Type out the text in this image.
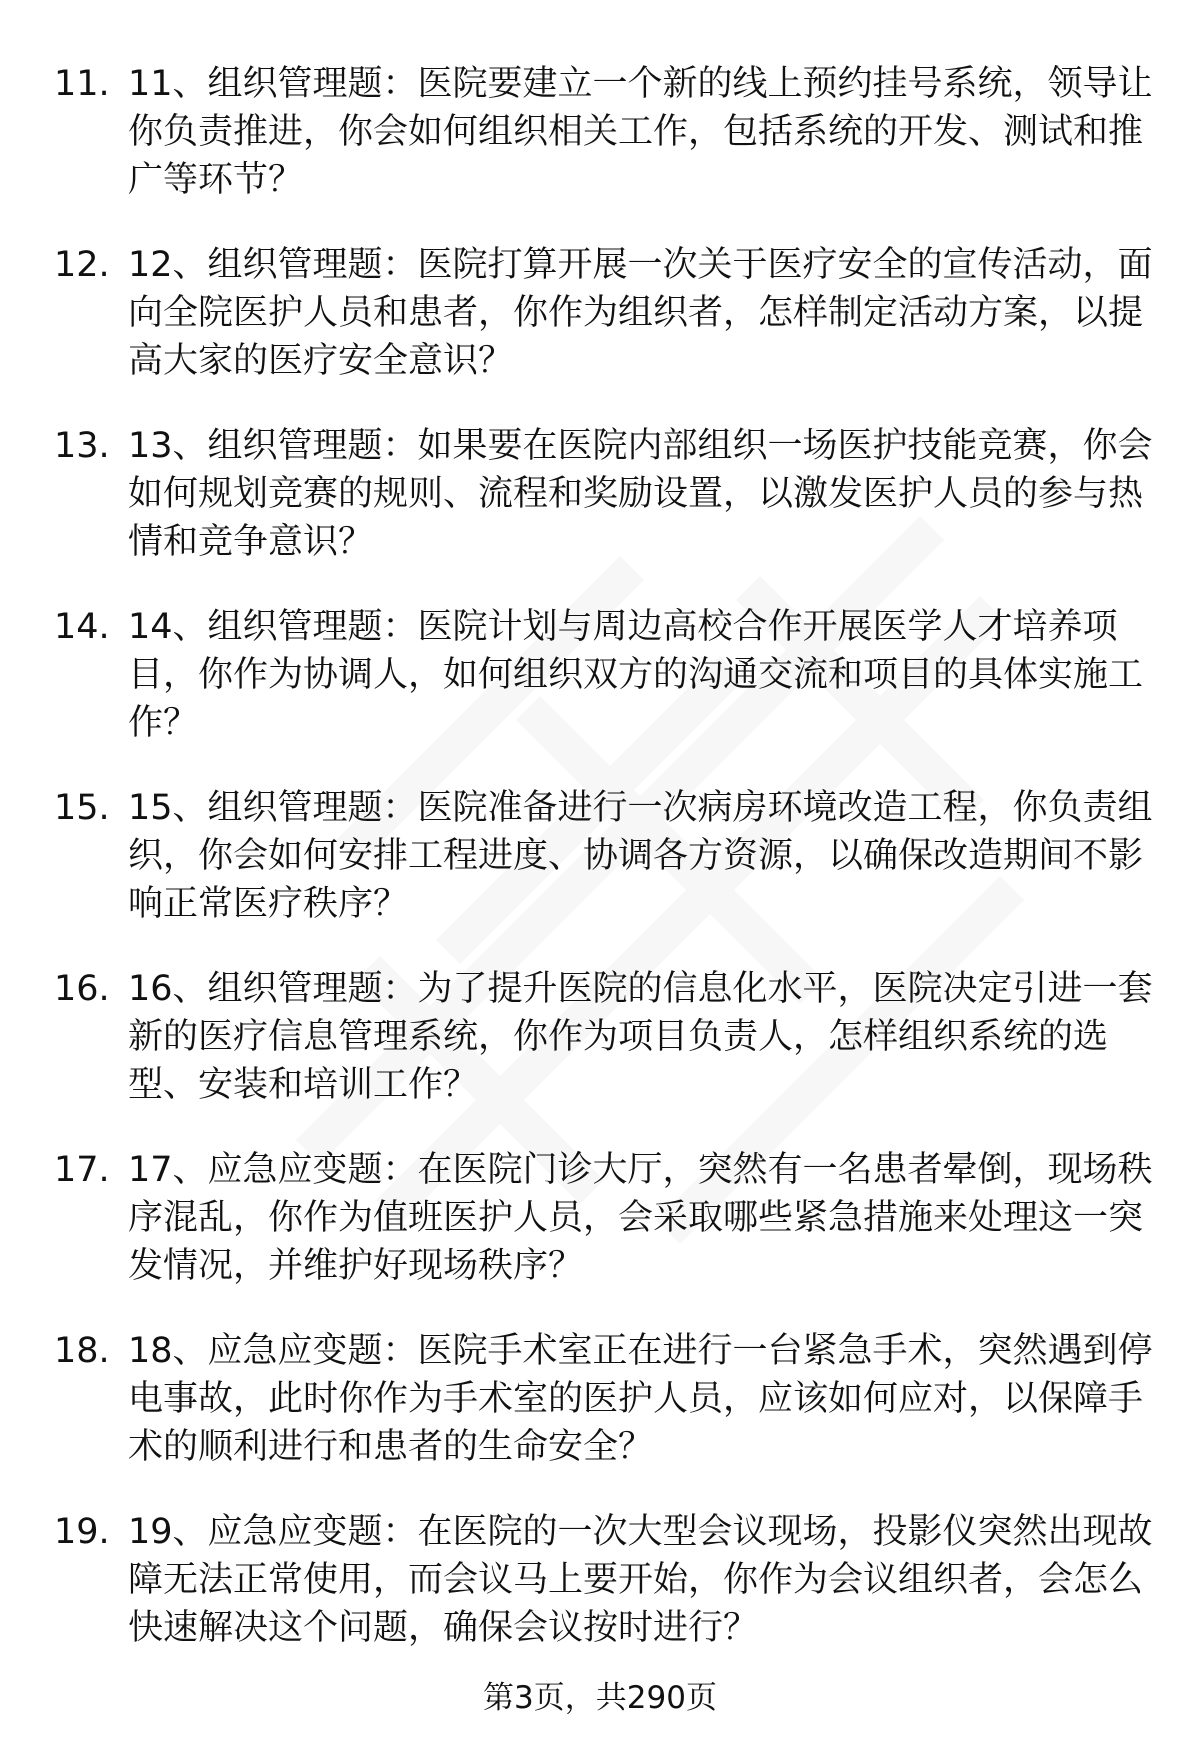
11. 11、组织管理题：医院要建立一个新的线上预约挂号系统，领导让你负责推进，你会如何组织相关工作，包括系统的开发、测试和推广等环节？
12. 12、组织管理题：医院打算开展一次关于医疗安全的宣传活动，面向全院医护人员和患者，你作为组织者，怎样制定活动方案，以提高大家的医疗安全意识？
13. 13、组织管理题：如果要在医院内部组织一场医护技能竞赛，你会如何规划竞赛的规则、流程和奖励设置，以激发医护人员的参与热情和竞争意识？
14. 14、组织管理题：医院计划与周边高校合作开展医学人才培养项目，你作为协调人，如何组织双方的沟通交流和项目的具体实施工作？
15. 15、组织管理题：医院准备进行一次病房环境改造工程，你负责组织，你会如何安排工程进度、协调各方资源，以确保改造期间不影响正常医疗秩序？
16. 16、组织管理题：为了提升医院的信息化水平，医院决定引进一套新的医疗信息管理系统，你作为项目负责人，怎样组织系统的选型、安装和培训工作？
17. 17、应急应变题：在医院门诊大厅，突然有一名患者晕倒，现场秩序混乱，你作为值班医护人员，会采取哪些紧急措施来处理这一突发情况，并维护好现场秩序？
18. 18、应急应变题：医院手术室正在进行一台紧急手术，突然遇到停电事故，此时你作为手术室的医护人员，应该如何应对，以保障手术的顺利进行和患者的生命安全？
19. 19、应急应变题：在医院的一次大型会议现场，投影仪突然出现故障无法正常使用，而会议马上要开始，你作为会议组织者，会怎么快速解决这个问题，确保会议按时进行？
第3页，共290页
